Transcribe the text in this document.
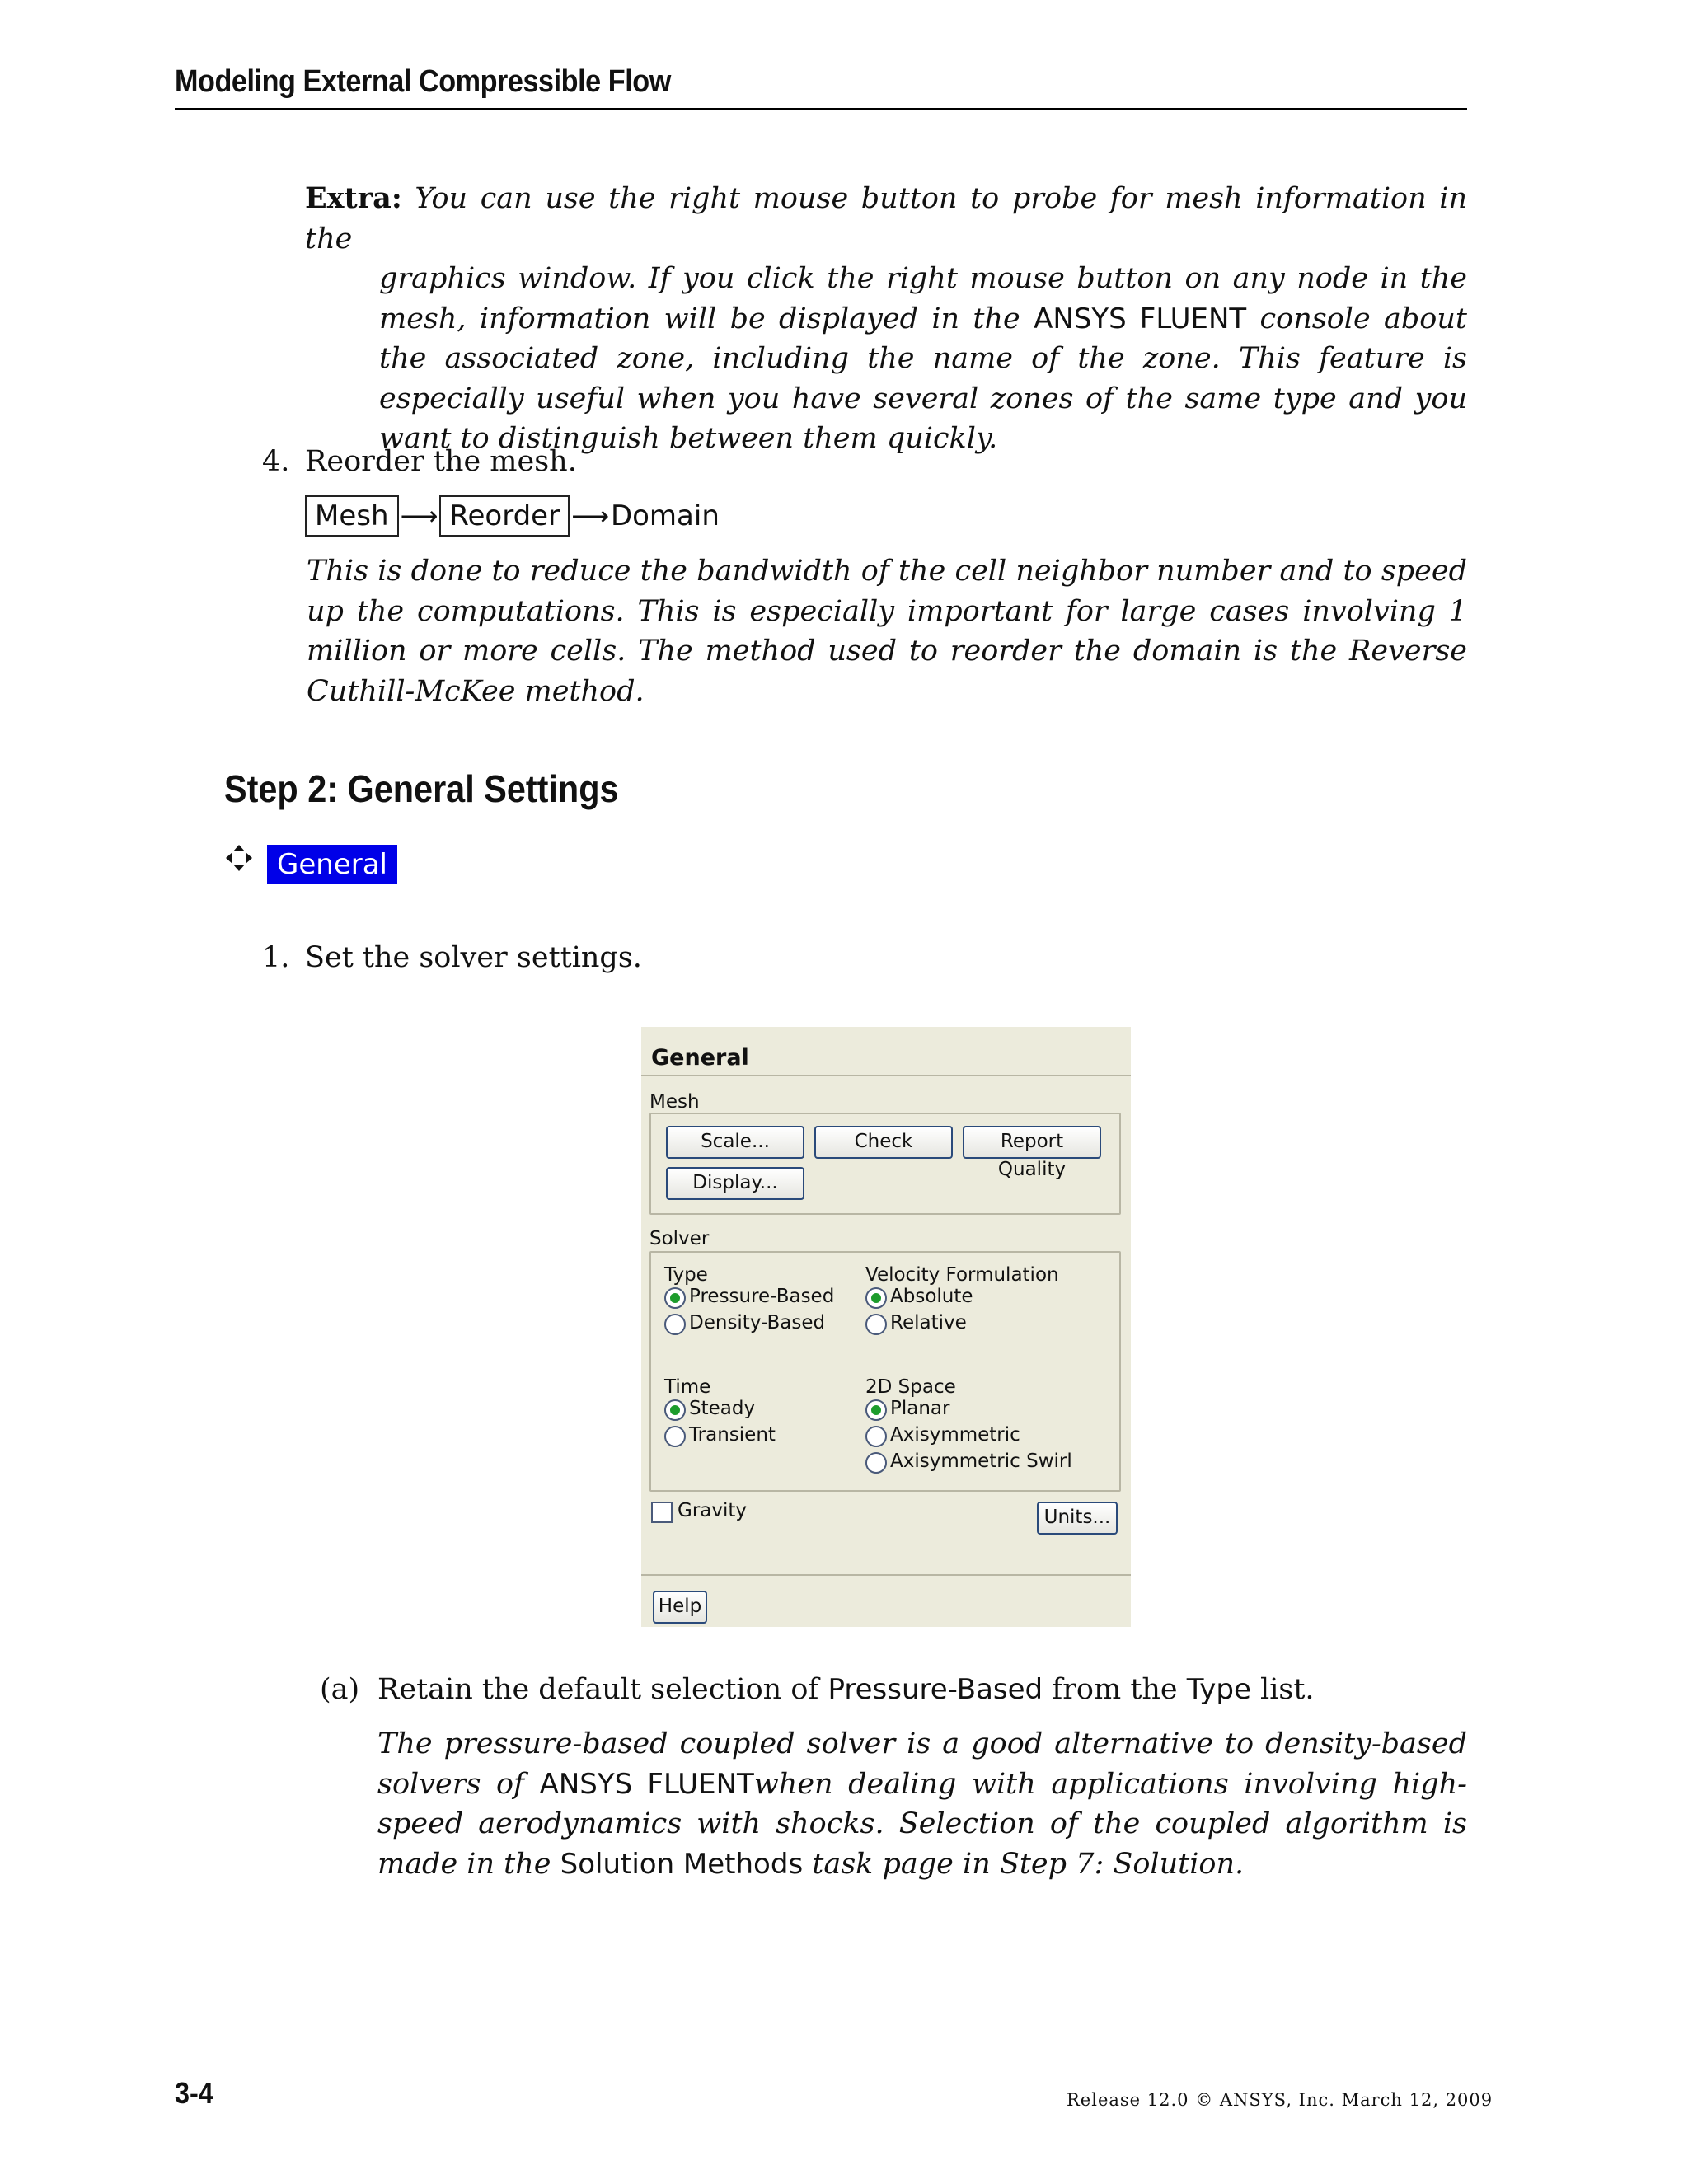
Modeling External Compressible Flow
Extra: You can use the right mouse button to probe for mesh information in the
graphics window. If you click the right mouse button on any node in the mesh, information will be displayed in the ANSYS FLUENT console about the associated zone, including the name of the zone. This feature is especially useful when you have several zones of the same type and you want to distinguish between them quickly.
4. Reorder the mesh.
Mesh ⟶ Reorder ⟶ Domain
This is done to reduce the bandwidth of the cell neighbor number and to speed up the computations. This is especially important for large cases involving 1 million or more cells. The method used to reorder the domain is the Reverse Cuthill-McKee method.
Step 2: General Settings
General
1. Set the solver settings.
General
Mesh
Scale...	Check	Report Quality
Display...
Solver
Type
Pressure-Based
Density-Based
Velocity Formulation
Absolute
Relative
Time
Steady
Transient
2D Space
Planar
Axisymmetric
Axisymmetric Swirl
Gravity	Units...
Help
(a) Retain the default selection of Pressure-Based from the Type list.
The pressure-based coupled solver is a good alternative to density-based solvers of ANSYS FLUENTwhen dealing with applications involving high-speed aerodynamics with shocks. Selection of the coupled algorithm is made in the Solution Methods task page in Step 7: Solution.
3-4	Release 12.0 © ANSYS, Inc. March 12, 2009
